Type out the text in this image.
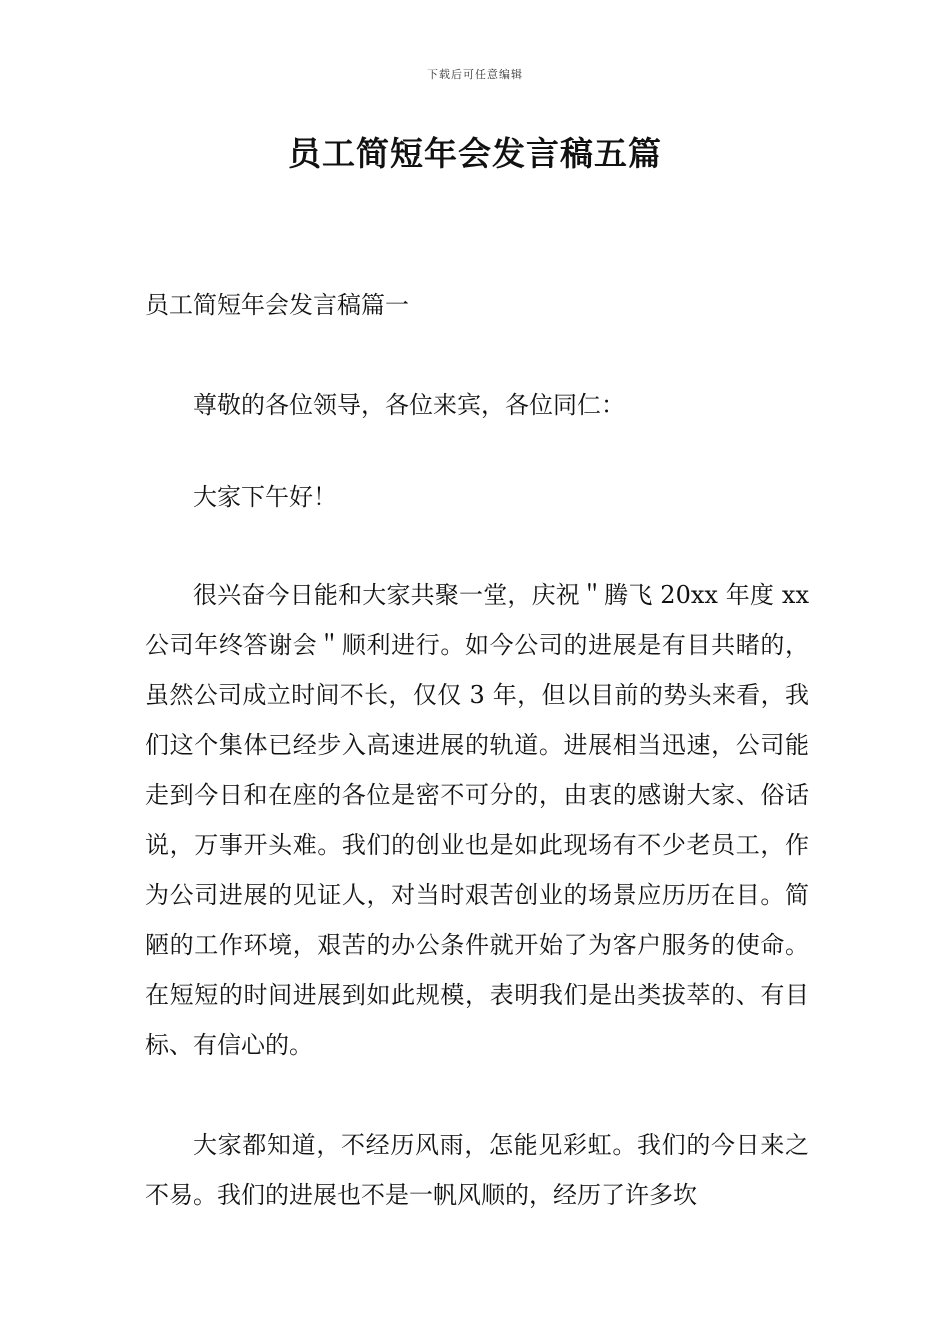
下载后可任意编辑
员工简短年会发言稿五篇

员工简短年会发言稿篇一

尊敬的各位领导，各位来宾，各位同仁：

大家下午好！

很兴奋今日能和大家共聚一堂，庆祝＂腾飞 20xx 年度 xx 公司年终答谢会＂顺利进行。如今公司的进展是有目共睹的，虽然公司成立时间不长，仅仅 3 年，但以目前的势头来看，我们这个集体已经步入高速进展的轨道。进展相当迅速，公司能走到今日和在座的各位是密不可分的，由衷的感谢大家、俗话说，万事开头难。我们的创业也是如此现场有不少老员工，作为公司进展的见证人，对当时艰苦创业的场景应历历在目。简陋的工作环境，艰苦的办公条件就开始了为客户服务的使命。在短短的时间进展到如此规模，表明我们是出类拔萃的、有目标、有信心的。

大家都知道，不经历风雨，怎能见彩虹。我们的今日来之不易。我们的进展也不是一帆风顺的，经历了许多坎
